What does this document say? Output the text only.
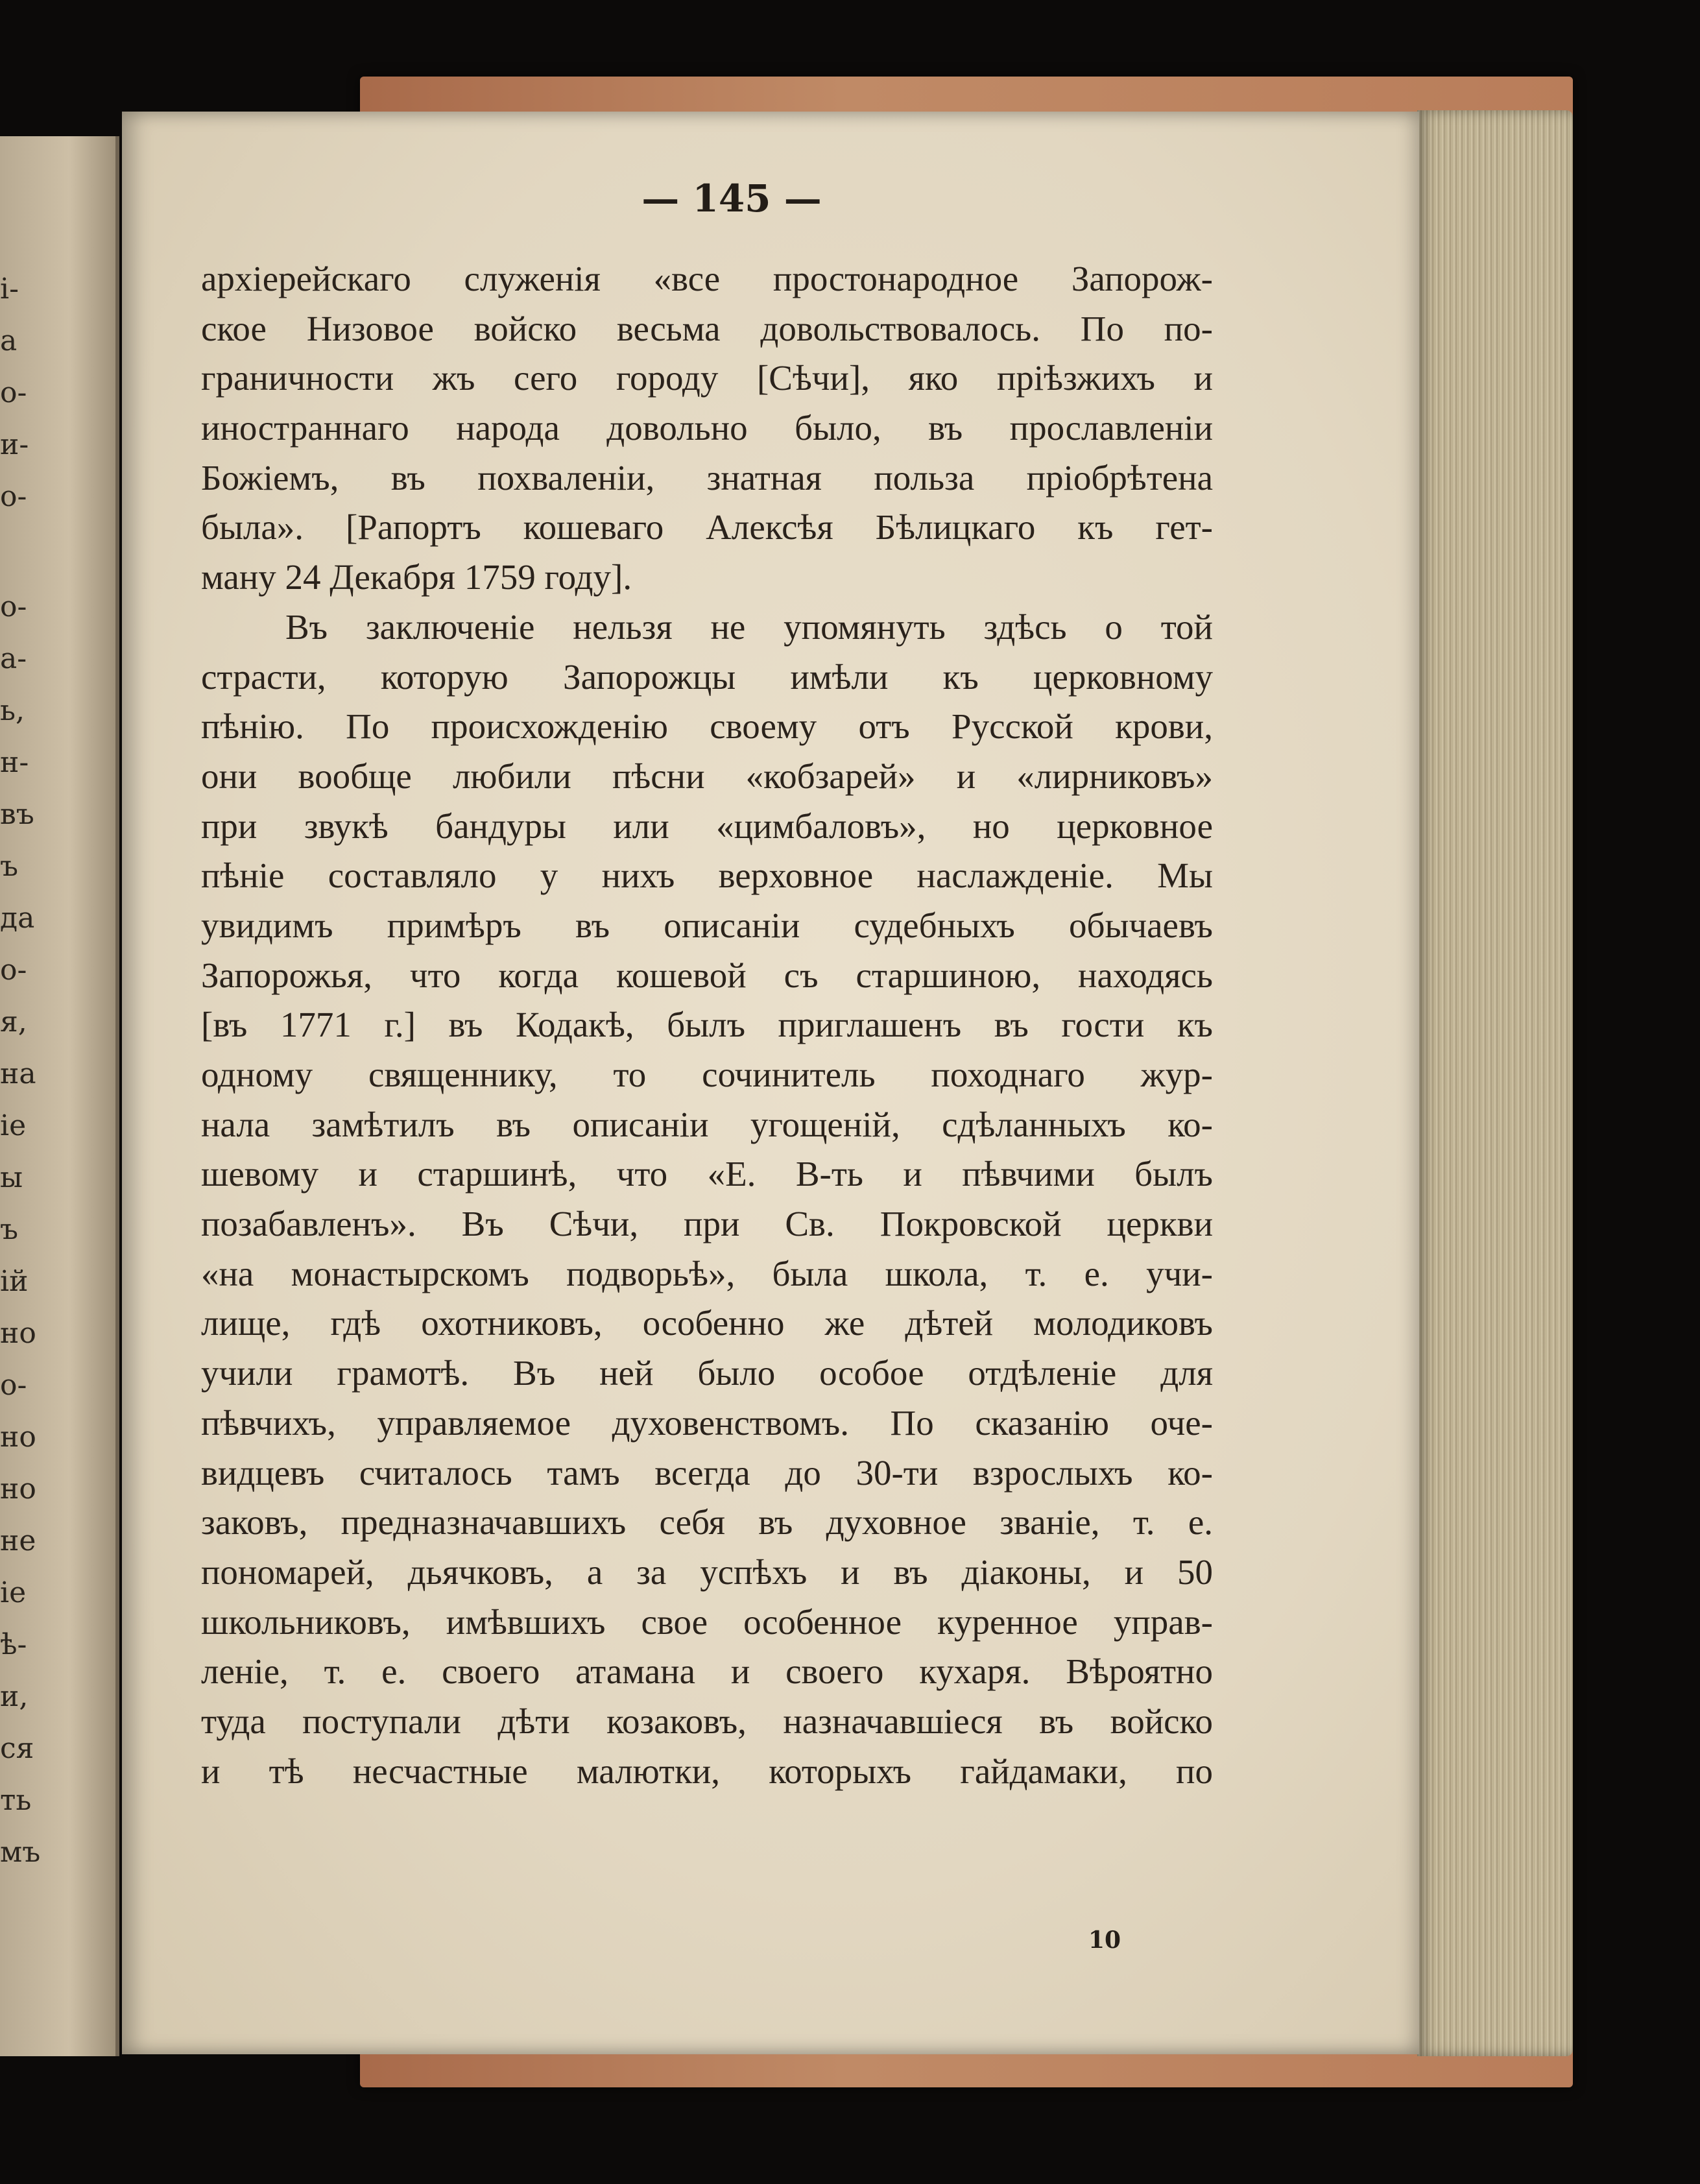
і-
а
о-
и-
о-
о-
а-
ь,
н-
въ
ъ
да
о-
я,
на
іе
ы
ъ
ій
но
о-
но
но
не
іе
ѣ-
и,
ся
ть
мъ
— 145 —
архіерейскаго служенія «все простонародное Запорож-
ское Низовое войско весьма довольствовалось. По по-
граничности жъ сего городу [Сѣчи], яко пріѣзжихъ и
иностраннаго народа довольно было, въ прославленіи
Божіемъ, въ похваленіи, знатная польза пріобрѣтена
была». [Рапортъ кошеваго Алексѣя Бѣлицкаго къ гет-
ману 24 Декабря 1759 году].
Въ заключеніе нельзя не упомянуть здѣсь о той
страсти, которую Запорожцы имѣли къ церковному
пѣнію. По происхожденію своему отъ Русской крови,
они вообще любили пѣсни «кобзарей» и «лирниковъ»
при звукѣ бандуры или «цимбаловъ», но церковное
пѣніе составляло у нихъ верховное наслажденіе. Мы
увидимъ примѣръ въ описаніи судебныхъ обычаевъ
Запорожья, что когда кошевой съ старшиною, находясь
[въ 1771 г.] въ Кодакѣ, былъ приглашенъ въ гости къ
одному священнику, то сочинитель походнаго жур-
нала замѣтилъ въ описаніи угощеній, сдѣланныхъ ко-
шевому и старшинѣ, что «Е. В-ть и пѣвчими былъ
позабавленъ». Въ Сѣчи, при Св. Покровской церкви
«на монастырскомъ подворьѣ», была школа, т. е. учи-
лище, гдѣ охотниковъ, особенно же дѣтей молодиковъ
учили грамотѣ. Въ ней было особое отдѣленіе для
пѣвчихъ, управляемое духовенствомъ. По сказанію оче-
видцевъ считалось тамъ всегда до 30-ти взрослыхъ ко-
заковъ, предназначавшихъ себя въ духовное званіе, т. е.
пономарей, дьячковъ, а за успѣхъ и въ діаконы, и 50
школьниковъ, имѣвшихъ свое особенное куренное управ-
леніе, т. е. своего атамана и своего кухаря. Вѣроятно
туда поступали дѣти козаковъ, назначавшіеся въ войско
и тѣ несчастные малютки, которыхъ гайдамаки, по
10
